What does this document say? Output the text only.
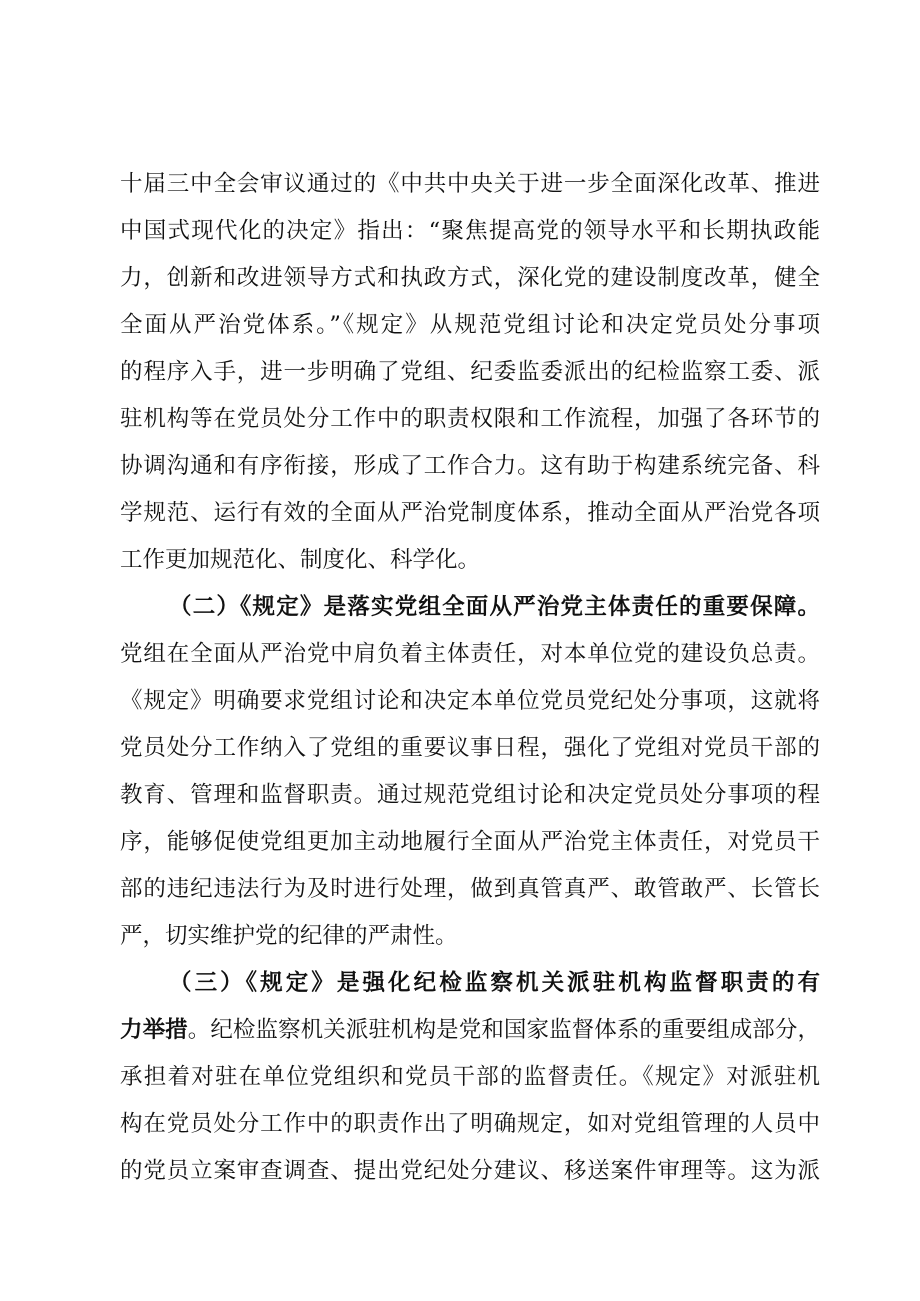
十届三中全会审议通过的《中共中央关于进一步全面深化改革、推进
中国式现代化的决定》指出：“聚焦提高党的领导水平和长期执政能
力，创新和改进领导方式和执政方式，深化党的建设制度改革，健全
全面从严治党体系。”《规定》从规范党组讨论和决定党员处分事项
的程序入手，进一步明确了党组、纪委监委派出的纪检监察工委、派
驻机构等在党员处分工作中的职责权限和工作流程，加强了各环节的
协调沟通和有序衔接，形成了工作合力。这有助于构建系统完备、科
学规范、运行有效的全面从严治党制度体系，推动全面从严治党各项
工作更加规范化、制度化、科学化。
（二）《规定》是落实党组全面从严治党主体责任的重要保障。
党组在全面从严治党中肩负着主体责任，对本单位党的建设负总责。
《规定》明确要求党组讨论和决定本单位党员党纪处分事项，这就将
党员处分工作纳入了党组的重要议事日程，强化了党组对党员干部的
教育、管理和监督职责。通过规范党组讨论和决定党员处分事项的程
序，能够促使党组更加主动地履行全面从严治党主体责任，对党员干
部的违纪违法行为及时进行处理，做到真管真严、敢管敢严、长管长
严，切实维护党的纪律的严肃性。
（三）《规定》是强化纪检监察机关派驻机构监督职责的有
力举措。纪检监察机关派驻机构是党和国家监督体系的重要组成部分，
承担着对驻在单位党组织和党员干部的监督责任。《规定》对派驻机
构在党员处分工作中的职责作出了明确规定，如对党组管理的人员中
的党员立案审查调查、提出党纪处分建议、移送案件审理等。这为派
